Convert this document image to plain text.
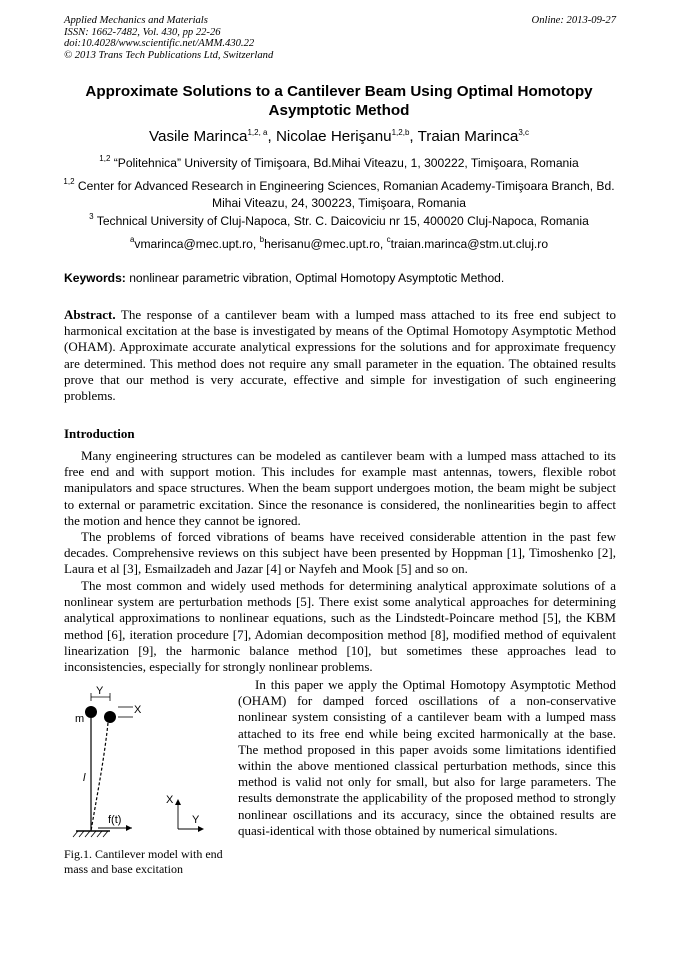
Applied Mechanics and Materials
ISSN: 1662-7482, Vol. 430, pp 22-26
doi:10.4028/www.scientific.net/AMM.430.22
© 2013 Trans Tech Publications Ltd, Switzerland
Online: 2013-09-27
Approximate Solutions to a Cantilever Beam Using Optimal Homotopy Asymptotic Method
Vasile Marinca$^{1,2, a}$, Nicolae Herişanu$^{1,2,b}$, Traian Marinca$^{3,c}$
$^{1,2}$ “Politehnica” University of Timişoara, Bd.Mihai Viteazu, 1, 300222, Timişoara, Romania
$^{1,2}$ Center for Advanced Research in Engineering Sciences, Romanian Academy-Timişoara Branch, Bd. Mihai Viteazu, 24, 300223, Timişoara, Romania
$^3$ Technical University of Cluj-Napoca, Str. C. Daicoviciu nr 15, 400020 Cluj-Napoca, Romania
$^a$vmarinca@mec.upt.ro, $^b$herisanu@mec.upt.ro, $^c$traian.marinca@stm.ut.cluj.ro
Keywords: nonlinear parametric vibration, Optimal Homotopy Asymptotic Method.
Abstract. The response of a cantilever beam with a lumped mass attached to its free end subject to harmonical excitation at the base is investigated by means of the Optimal Homotopy Asymptotic Method (OHAM). Approximate accurate analytical expressions for the solutions and for approximate frequency are determined. This method does not require any small parameter in the equation. The obtained results prove that our method is very accurate, effective and simple for investigation of such engineering problems.
Introduction

Many engineering structures can be modeled as cantilever beam with a lumped mass attached to its free end and with support motion. This includes for example mast antennas, towers, flexible robot manipulators and space structures. When the beam support undergoes motion, the beam might be subject to external or parametric excitation. Since the resonance is considered, the nonlinearities begin to affect the motion and hence they cannot be ignored.

The problems of forced vibrations of beams have received considerable attention in the past few decades. Comprehensive reviews on this subject have been presented by Hoppman [1], Timoshenko [2], Laura et al [3], Esmailzadeh and Jazar [4] or Nayfeh and Mook [5] and so on.

The most common and widely used methods for determining analytical approximate solutions of a nonlinear system are perturbation methods [5]. There exist some analytical approaches for determining analytical approximations to nonlinear equations, such as the Lindstedt-Poincare method [5], the KBM method [6], iteration procedure [7], Adomian decomposition method [8], modified method of equivalent linearization [9], the harmonic balance method [10], but sometimes these approaches lead to inconsistencies, especially for strongly nonlinear problems.

Y
m
X
l
f(t)
X
Y
Fig.1. Cantilever model with end mass and base excitation

In this paper we apply the Optimal Homotopy Asymptotic Method (OHAM) for damped forced oscillations of a non-conservative nonlinear system consisting of a cantilever beam with a lumped mass attached to its free end while being excited harmonically at the base. The method proposed in this paper avoids some limitations identified within the above mentioned classical perturbation methods, since this method is valid not only for small, but also for large parameters. The results demonstrate the applicability of the proposed method to strongly nonlinear oscillations and its accuracy, since the obtained results are quasi-identical with those obtained by numerical simulations.
